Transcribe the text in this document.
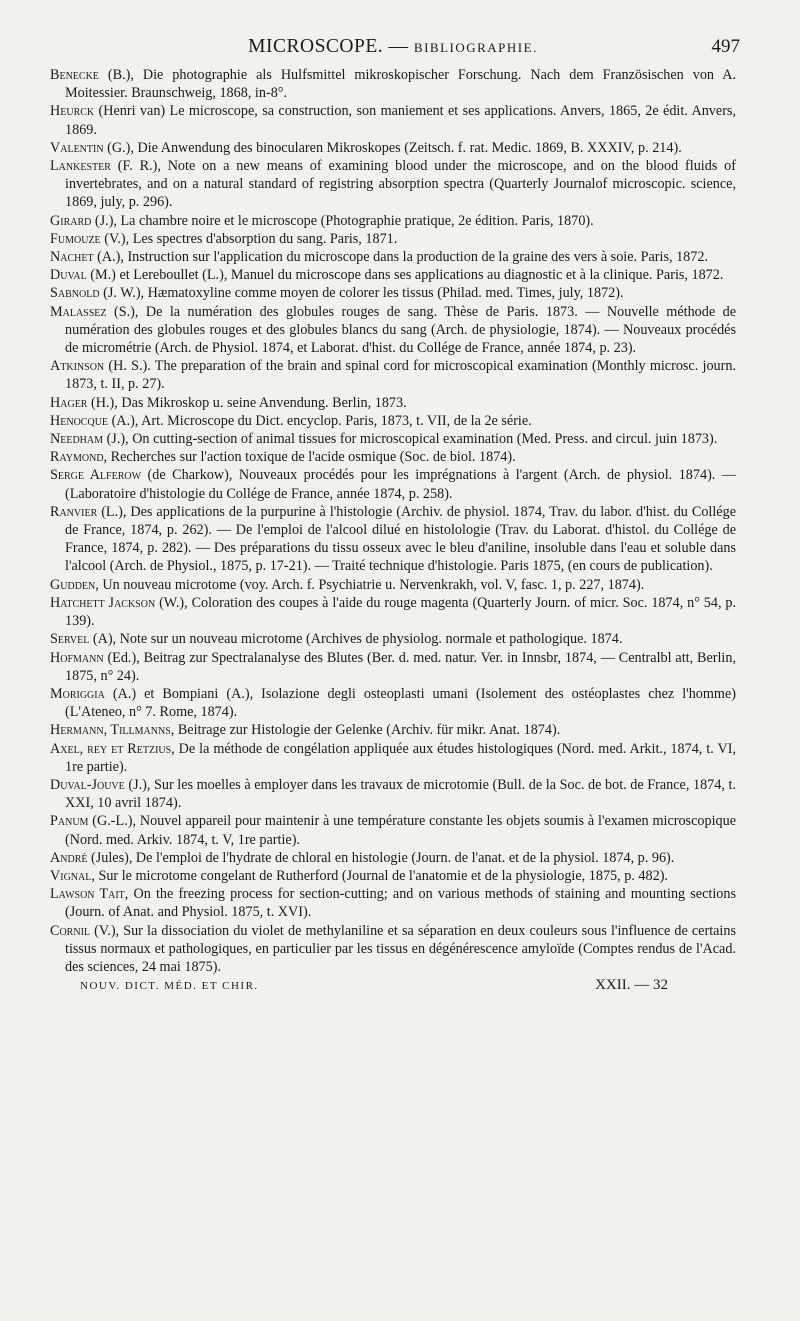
MICROSCOPE. — BIBLIOGRAPHIE.	497

Benecke (B.), Die photographie als Hulfsmittel mikroskopischer Forschung. Nach dem Französischen von A. Moitessier. Braunschweig, 1868, in-8°.

Heurck (Henri van) Le microscope, sa construction, son maniement et ses applications. Anvers, 1865, 2e édit. Anvers, 1869.

Valentin (G.), Die Anwendung des binocularen Mikroskopes (Zeitsch. f. rat. Medic. 1869, B. XXXIV, p. 214).

Lankester (F. R.), Note on a new means of examining blood under the microscope, and on the blood fluids of invertebrates, and on a natural standard of registring absorption spectra (Quarterly Journalof microscopic. science, 1869, july, p. 296).

Girard (J.), La chambre noire et le microscope (Photographie pratique, 2e édition. Paris, 1870).

Fumouze (V.), Les spectres d'absorption du sang. Paris, 1871.

Nachet (A.), Instruction sur l'application du microscope dans la production de la graine des vers à soie. Paris, 1872.

Duval (M.) et Lereboullet (L.), Manuel du microscope dans ses applications au diagnostic et à la clinique. Paris, 1872.

Sabnold (J. W.), Hæmatoxyline comme moyen de colorer les tissus (Philad. med. Times, july, 1872).

Malassez (S.), De la numération des globules rouges de sang. Thèse de Paris. 1873. — Nouvelle méthode de numération des globules rouges et des globules blancs du sang (Arch. de physiologie, 1874). — Nouveaux procédés de micrométrie (Arch. de Physiol. 1874, et Laborat. d'hist. du Collége de France, année 1874, p. 23).

Atkinson (H. S.). The preparation of the brain and spinal cord for microscopical examination (Monthly microsc. journ. 1873, t. II, p. 27).

Hager (H.), Das Mikroskop u. seine Anvendung. Berlin, 1873.

Henocque (A.), Art. Microscope du Dict. encyclop. Paris, 1873, t. VII, de la 2e série.

Needham (J.), On cutting-section of animal tissues for microscopical examination (Med. Press. and circul. juin 1873).

Raymond, Recherches sur l'action toxique de l'acide osmique (Soc. de biol. 1874).

Serge Alferow (de Charkow), Nouveaux procédés pour les imprégnations à l'argent (Arch. de physiol. 1874). — (Laboratoire d'histologie du Collége de France, année 1874, p. 258).

Ranvier (L.), Des applications de la purpurine à l'histologie (Archiv. de physiol. 1874, Trav. du labor. d'hist. du Collége de France, 1874, p. 262). — De l'emploi de l'alcool dilué en histolologie (Trav. du Laborat. d'histol. du Collége de France, 1874, p. 282). — Des préparations du tissu osseux avec le bleu d'aniline, insoluble dans l'eau et soluble dans l'alcool (Arch. de Physiol., 1875, p. 17-21). — Traité technique d'histologie. Paris 1875, (en cours de publication).

Gudden, Un nouveau microtome (voy. Arch. f. Psychiatrie u. Nervenkrakh, vol. V, fasc. 1, p. 227, 1874).

Hatchett Jackson (W.), Coloration des coupes à l'aide du rouge magenta (Quarterly Journ. of micr. Soc. 1874, n° 54, p. 139).

Servel (A), Note sur un nouveau microtome (Archives de physiolog. normale et pathologique. 1874.

Hofmann (Ed.), Beitrag zur Spectralanalyse des Blutes (Ber. d. med. natur. Ver. in Innsbr, 1874, — Centralbl att, Berlin, 1875, n° 24).

Moriggia (A.) et Bompiani (A.), Isolazione degli osteoplasti umani (Isolement des ostéoplastes chez l'homme) (L'Ateneo, n° 7. Rome, 1874).

Hermann, Tillmanns, Beitrage zur Histologie der Gelenke (Archiv. für mikr. Anat. 1874).

Axel, rey et Retzius, De la méthode de congélation appliquée aux études histologiques (Nord. med. Arkit., 1874, t. VI, 1re partie).

Duval-Jouve (J.), Sur les moelles à employer dans les travaux de microtomie (Bull. de la Soc. de bot. de France, 1874, t. XXI, 10 avril 1874).

Panum (G.-L.), Nouvel appareil pour maintenir à une température constante les objets soumis à l'examen microscopique (Nord. med. Arkiv. 1874, t. V, 1re partie).

André (Jules), De l'emploi de l'hydrate de chloral en histologie (Journ. de l'anat. et de la physiol. 1874, p. 96).

Vignal, Sur le microtome congelant de Rutherford (Journal de l'anatomie et de la physiologie, 1875, p. 482).

Lawson Tait, On the freezing process for section-cutting; and on various methods of staining and mounting sections (Journ. of Anat. and Physiol. 1875, t. XVI).

Cornil (V.), Sur la dissociation du violet de methylaniline et sa séparation en deux couleurs sous l'influence de certains tissus normaux et pathologiques, en particulier par les tissus en dégénérescence amyloïde (Comptes rendus de l'Acad. des sciences, 24 mai 1875).

NOUV. DICT. MÉD. ET CHIR.	XXII. — 32
